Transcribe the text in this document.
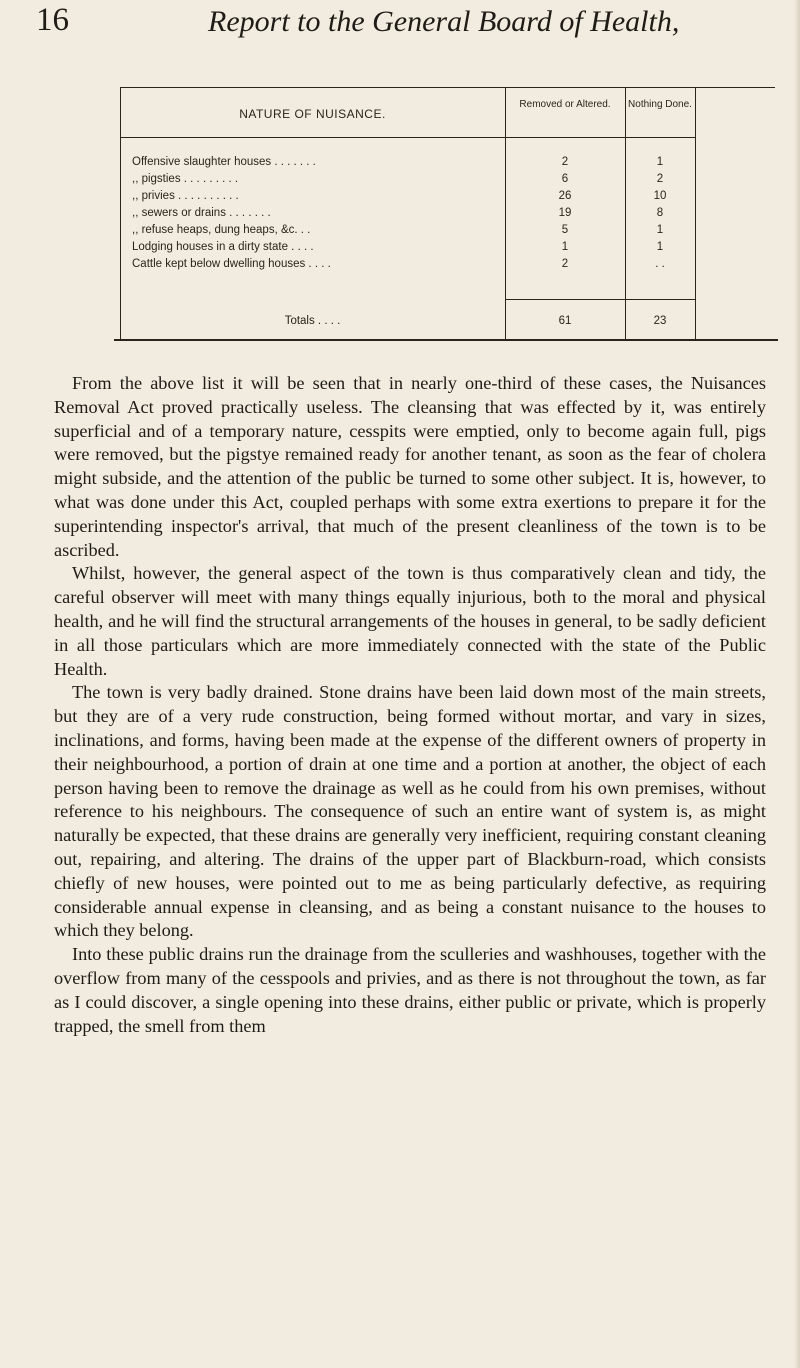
16	Report to the General Board of Health,
NATURE OF NUISANCE.
Removed or Altered.	Nothing Done.
Offensive slaughter houses . . . . . . .	2	1
,, pigsties . . . . . . . . .	6	2
,, privies . . . . . . . . . .	26	10
,, sewers or drains . . . . . . .	19	8
,, refuse heaps, dung heaps, &c. . .	5	1
Lodging houses in a dirty state . . . .	1	1
Cattle kept below dwelling houses . . . .	2	. .
Totals . . . .	61	23

From the above list it will be seen that in nearly one-third of these cases, the Nuisances Removal Act proved practically useless. The cleansing that was effected by it, was entirely superficial and of a temporary nature, cesspits were emptied, only to become again full, pigs were removed, but the pigstye remained ready for another tenant, as soon as the fear of cholera might subside, and the attention of the public be turned to some other subject. It is, however, to what was done under this Act, coupled perhaps with some extra exertions to prepare it for the superintending inspector's arrival, that much of the present cleanliness of the town is to be ascribed.

Whilst, however, the general aspect of the town is thus comparatively clean and tidy, the careful observer will meet with many things equally injurious, both to the moral and physical health, and he will find the structural arrangements of the houses in general, to be sadly deficient in all those particulars which are more immediately connected with the state of the Public Health.

The town is very badly drained. Stone drains have been laid down most of the main streets, but they are of a very rude construction, being formed without mortar, and vary in sizes, inclinations, and forms, having been made at the expense of the different owners of property in their neighbourhood, a portion of drain at one time and a portion at another, the object of each person having been to remove the drainage as well as he could from his own premises, without reference to his neighbours. The consequence of such an entire want of system is, as might naturally be expected, that these drains are generally very inefficient, requiring constant cleaning out, repairing, and altering. The drains of the upper part of Blackburn-road, which consists chiefly of new houses, were pointed out to me as being particularly defective, as requiring considerable annual expense in cleansing, and as being a constant nuisance to the houses to which they belong.

Into these public drains run the drainage from the sculleries and washhouses, together with the overflow from many of the cesspools and privies, and as there is not throughout the town, as far as I could discover, a single opening into these drains, either public or private, which is properly trapped, the smell from them
